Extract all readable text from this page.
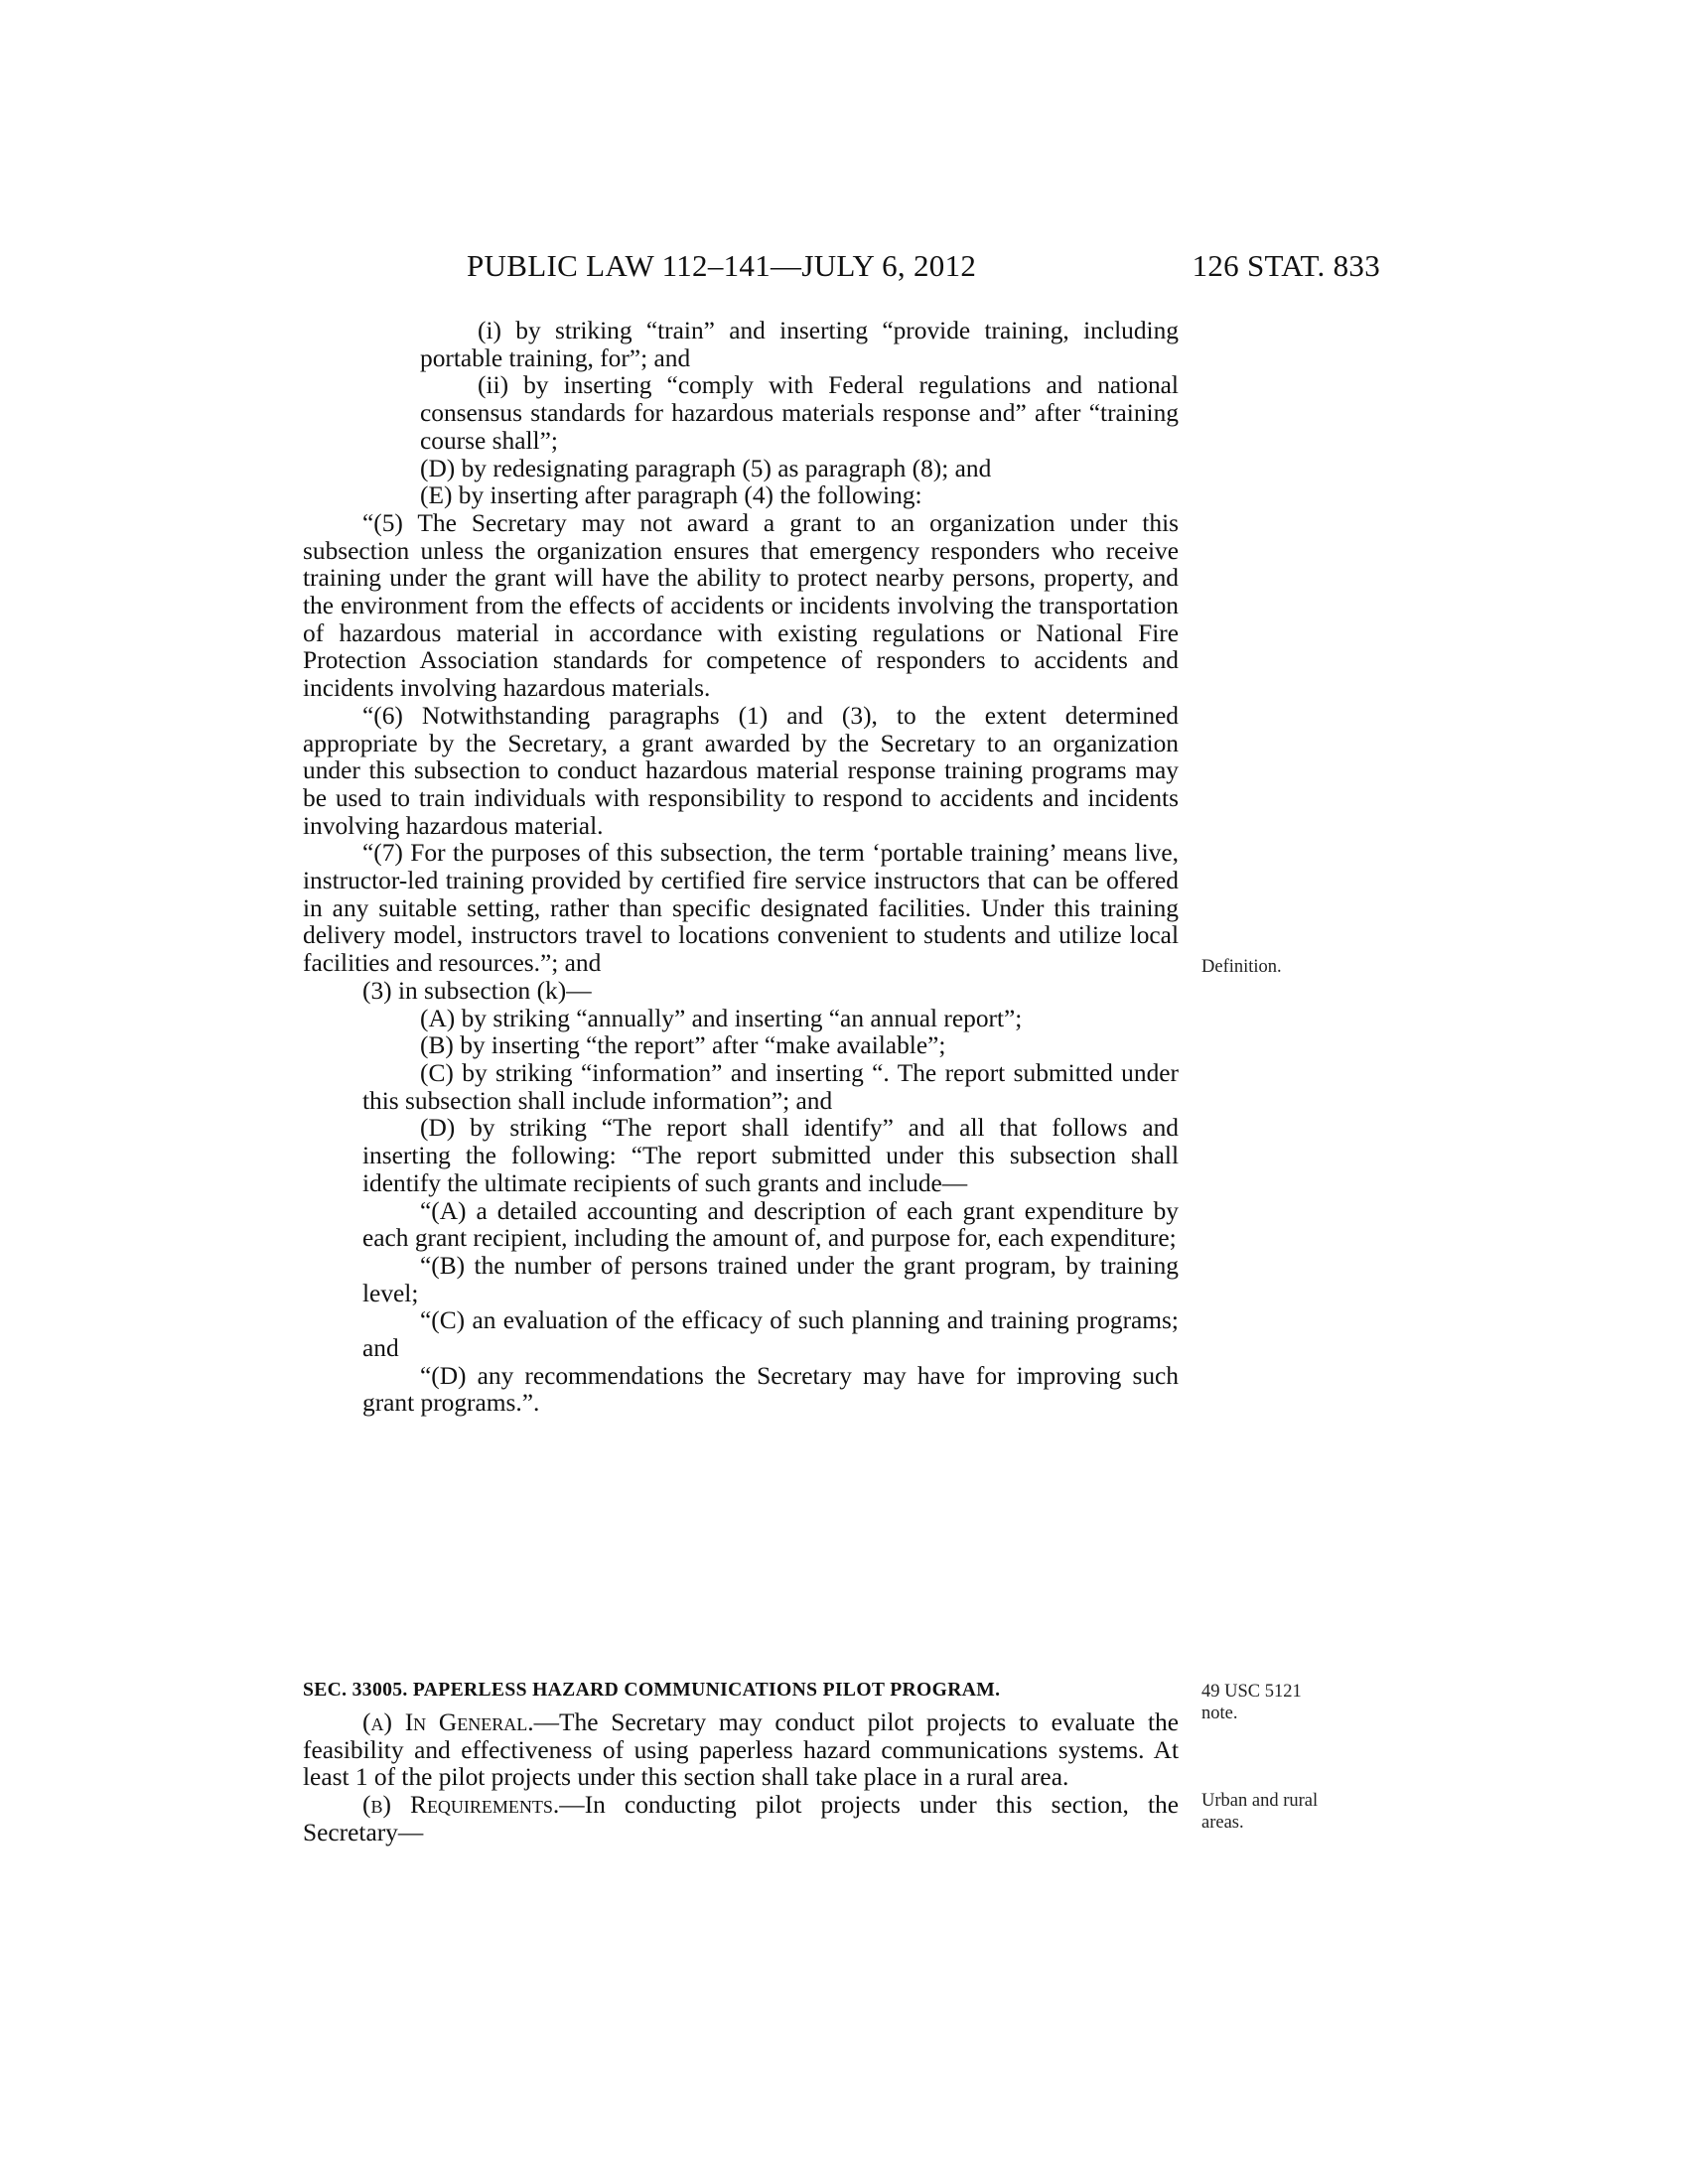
PUBLIC LAW 112–141—JULY 6, 2012	126 STAT. 833

(i) by striking “train” and inserting “provide training, including portable training, for”; and

(ii) by inserting “comply with Federal regulations and national consensus standards for hazardous materials response and” after “training course shall”;

(D) by redesignating paragraph (5) as paragraph (8); and

(E) by inserting after paragraph (4) the following:

“(5) The Secretary may not award a grant to an organization under this subsection unless the organization ensures that emergency responders who receive training under the grant will have the ability to protect nearby persons, property, and the environment from the effects of accidents or incidents involving the transportation of hazardous material in accordance with existing regulations or National Fire Protection Association standards for competence of responders to accidents and incidents involving hazardous materials.

“(6) Notwithstanding paragraphs (1) and (3), to the extent determined appropriate by the Secretary, a grant awarded by the Secretary to an organization under this subsection to conduct hazardous material response training programs may be used to train individuals with responsibility to respond to accidents and incidents involving hazardous material.

“(7) For the purposes of this subsection, the term ‘portable training’ means live, instructor-led training provided by certified fire service instructors that can be offered in any suitable setting, rather than specific designated facilities. Under this training delivery model, instructors travel to locations convenient to students and utilize local facilities and resources.”; and

(3) in subsection (k)—

(A) by striking “annually” and inserting “an annual report”;

(B) by inserting “the report” after “make available”;

(C) by striking “information” and inserting “. The report submitted under this subsection shall include information”; and

(D) by striking “The report shall identify” and all that follows and inserting the following: “The report submitted under this subsection shall identify the ultimate recipients of such grants and include—

“(A) a detailed accounting and description of each grant expenditure by each grant recipient, including the amount of, and purpose for, each expenditure;

“(B) the number of persons trained under the grant program, by training level;

“(C) an evaluation of the efficacy of such planning and training programs; and

“(D) any recommendations the Secretary may have for improving such grant programs.”.

SEC. 33005. PAPERLESS HAZARD COMMUNICATIONS PILOT PROGRAM.

(a) In General.—The Secretary may conduct pilot projects to evaluate the feasibility and effectiveness of using paperless hazard communications systems. At least 1 of the pilot projects under this section shall take place in a rural area.

(b) Requirements.—In conducting pilot projects under this section, the Secretary—

Definition.
49 USC 5121
note.
Urban and rural
areas.
